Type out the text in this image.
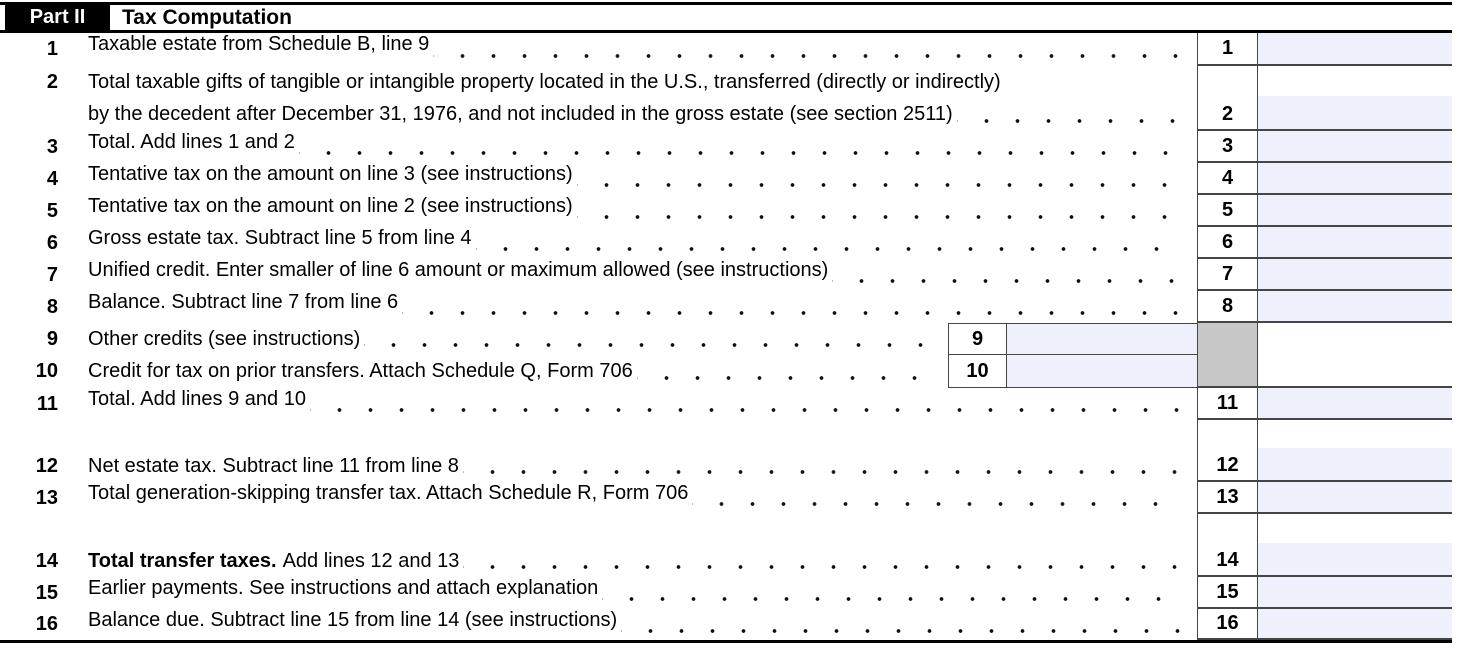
Part II	Tax Computation
1 Taxable estate from Schedule B, line 9	1
2 Total taxable gifts of tangible or intangible property located in the U.S., transferred (directly or indirectly)
by the decedent after December 31, 1976, and not included in the gross estate (see section 2511)	2
3 Total. Add lines 1 and 2	3
4 Tentative tax on the amount on line 3 (see instructions)	4
5 Tentative tax on the amount on line 2 (see instructions)	5
6 Gross estate tax. Subtract line 5 from line 4	6
7 Unified credit. Enter smaller of line 6 amount or maximum allowed (see instructions)	7
8 Balance. Subtract line 7 from line 6	8
9 Other credits (see instructions)	9
10 Credit for tax on prior transfers. Attach Schedule Q, Form 706	10
11 Total. Add lines 9 and 10	11
12 Net estate tax. Subtract line 11 from line 8	12
13 Total generation-skipping transfer tax. Attach Schedule R, Form 706	13
14 Total transfer taxes. Add lines 12 and 13	14
15 Earlier payments. See instructions and attach explanation	15
16 Balance due. Subtract line 15 from line 14 (see instructions)	16
